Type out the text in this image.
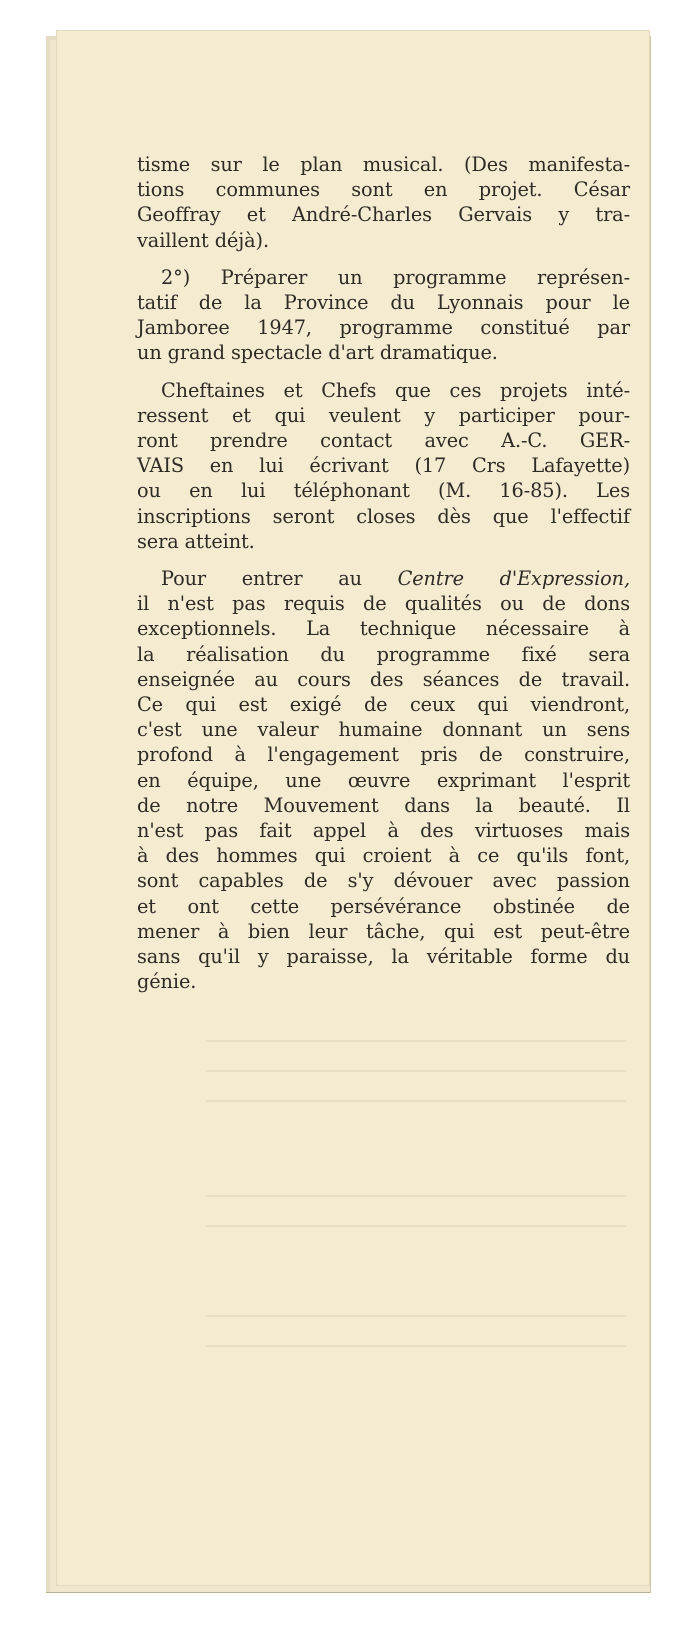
tisme sur le plan musical. (Des manifesta-
tions communes sont en projet. César
Geoffray et André-Charles Gervais y tra-
vaillent déjà).
2°) Préparer un programme représen-
tatif de la Province du Lyonnais pour le
Jamboree 1947, programme constitué par
un grand spectacle d'art dramatique.
Cheftaines et Chefs que ces projets inté-
ressent et qui veulent y participer pour-
ront prendre contact avec A.-C. GER-
VAIS en lui écrivant (17 Crs Lafayette)
ou en lui téléphonant (M. 16-85). Les
inscriptions seront closes dès que l'effectif
sera atteint.
Pour entrer au Centre d'Expression,
il n'est pas requis de qualités ou de dons
exceptionnels. La technique nécessaire à
la réalisation du programme fixé sera
enseignée au cours des séances de travail.
Ce qui est exigé de ceux qui viendront,
c'est une valeur humaine donnant un sens
profond à l'engagement pris de construire,
en équipe, une œuvre exprimant l'esprit
de notre Mouvement dans la beauté. Il
n'est pas fait appel à des virtuoses mais
à des hommes qui croient à ce qu'ils font,
sont capables de s'y dévouer avec passion
et ont cette persévérance obstinée de
mener à bien leur tâche, qui est peut-être
sans qu'il y paraisse, la véritable forme du
génie.
